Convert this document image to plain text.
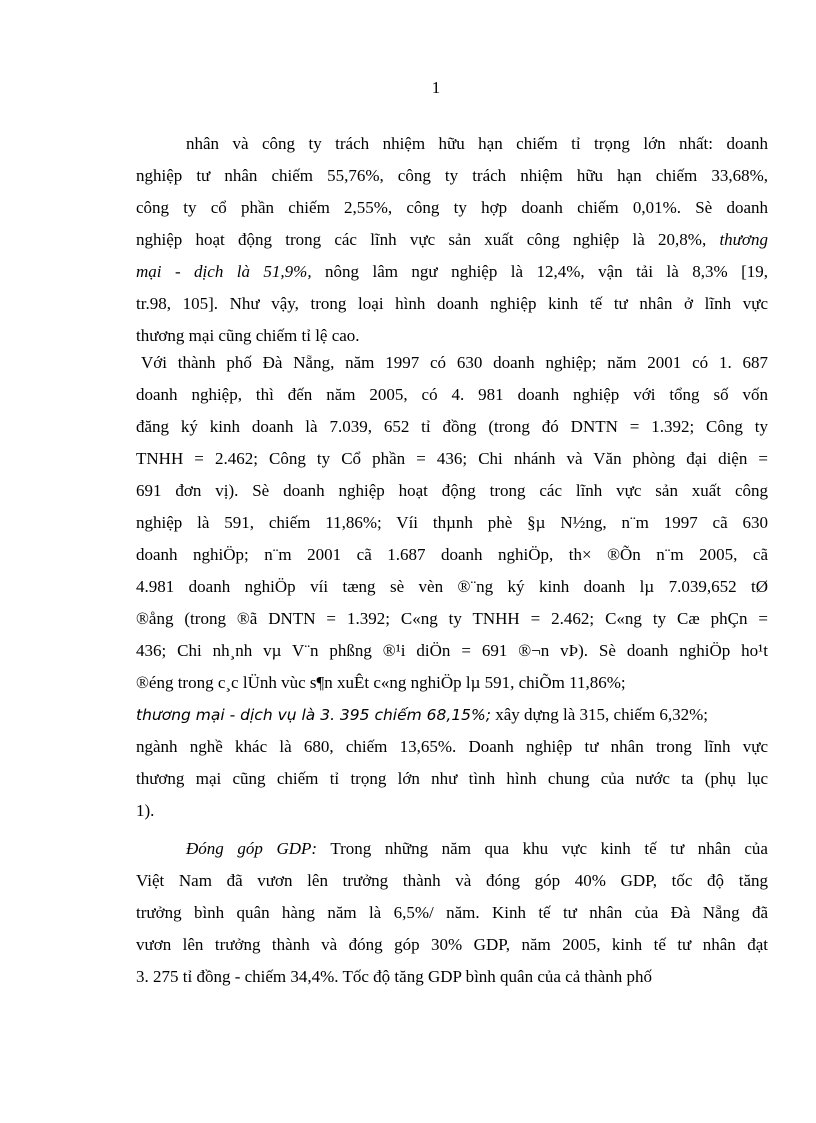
1
nhân và công ty trách nhiệm hữu hạn chiếm tỉ trọng lớn nhất: doanh
nghiệp tư nhân chiếm 55,76%, công ty trách nhiệm hữu hạn chiếm 33,68%,
công ty cổ phần chiếm 2,55%, công ty hợp doanh chiếm 0,01%. Sè doanh
nghiệp hoạt động trong các lĩnh vực sản xuất công nghiệp là 20,8%, thương
mại - dịch là 51,9%, nông lâm ngư nghiệp là 12,4%, vận tải là 8,3% [19,
tr.98, 105]. Như vậy, trong loại hình doanh nghiệp kinh tế tư nhân ở lĩnh vực
thương mại cũng chiếm tỉ lệ cao.
Với thành phố Đà Nẵng, năm 1997 có 630 doanh nghiệp; năm 2001 có 1. 687
doanh nghiệp, thì đến năm 2005, có 4. 981 doanh nghiệp với tổng số vốn
đăng ký kinh doanh là 7.039, 652 tỉ đồng (trong đó DNTN = 1.392; Công ty
TNHH = 2.462; Công ty Cổ phần = 436; Chi nhánh và Văn phòng đại diện =
691 đơn vị). Sè doanh nghiệp hoạt động trong các lĩnh vực sản xuất công
nghiệp là 591, chiếm 11,86%; Víi thµnh phè §µ N½ng, n¨m 1997 cã 630
doanh nghiÖp; n¨m 2001 cã 1.687 doanh nghiÖp, th× ®Õn n¨m 2005, cã
4.981 doanh nghiÖp víi tæng sè vèn ®¨ng ký kinh doanh lµ 7.039,652 tØ
®ång (trong ®ã DNTN = 1.392; C«ng ty TNHH = 2.462; C«ng ty Cæ phÇn =
436; Chi nh¸nh vµ V¨n phßng ®¹i diÖn = 691 ®¬n vÞ). Sè doanh nghiÖp ho¹t
®éng trong c¸c lÜnh vùc s¶n xuÊt c«ng nghiÖp lµ 591, chiÕm 11,86%;
thương mại - dịch vụ là 3. 395 chiếm 68,15%; xây dựng là 315, chiếm 6,32%;
ngành nghề khác là 680, chiếm 13,65%. Doanh nghiệp tư nhân trong lĩnh vực
thương mại cũng chiếm tỉ trọng lớn như tình hình chung của nước ta (phụ lục
1).
Đóng góp GDP: Trong những năm qua khu vực kinh tế tư nhân của
Việt Nam đã vươn lên trưởng thành và đóng góp 40% GDP, tốc độ tăng
trưởng bình quân hàng năm là 6,5%/ năm. Kinh tế tư nhân của Đà Nẵng đã
vươn lên trưởng thành và đóng góp 30% GDP, năm 2005, kinh tế tư nhân đạt
3. 275 tỉ đồng - chiếm 34,4%. Tốc độ tăng GDP bình quân của cả thành phố
